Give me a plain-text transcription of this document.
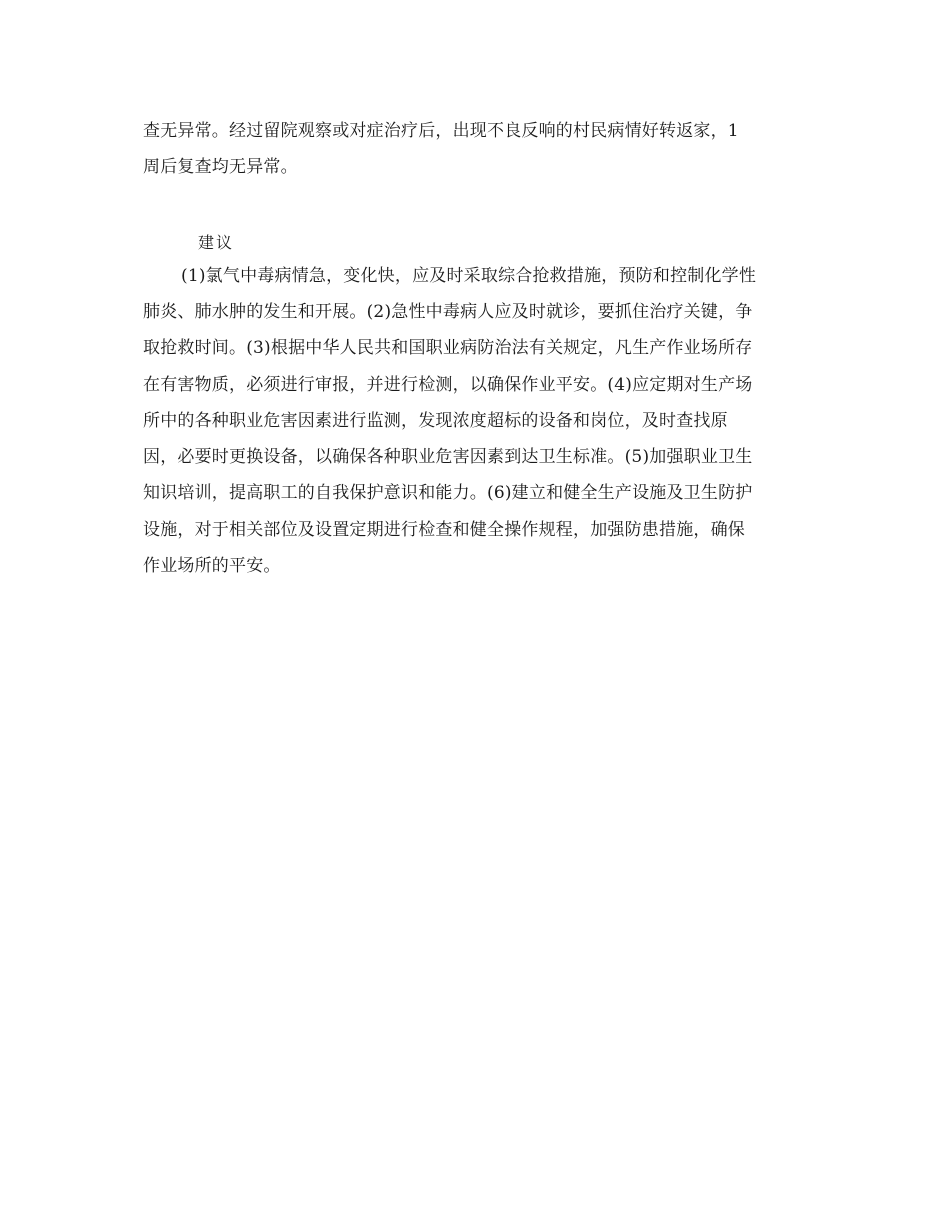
查无异常。经过留院观察或对症治疗后，出现不良反响的村民病情好转返家，1
周后复查均无异常。
建议
(1)氯气中毒病情急，变化快，应及时采取综合抢救措施，预防和控制化学性
肺炎、肺水肿的发生和开展。(2)急性中毒病人应及时就诊，要抓住治疗关键，争
取抢救时间。(3)根据中华人民共和国职业病防治法有关规定，凡生产作业场所存
在有害物质，必须进行审报，并进行检测，以确保作业平安。(4)应定期对生产场
所中的各种职业危害因素进行监测，发现浓度超标的设备和岗位，及时查找原
因，必要时更换设备，以确保各种职业危害因素到达卫生标准。(5)加强职业卫生
知识培训，提高职工的自我保护意识和能力。(6)建立和健全生产设施及卫生防护
设施，对于相关部位及设置定期进行检查和健全操作规程，加强防患措施，确保
作业场所的平安。
